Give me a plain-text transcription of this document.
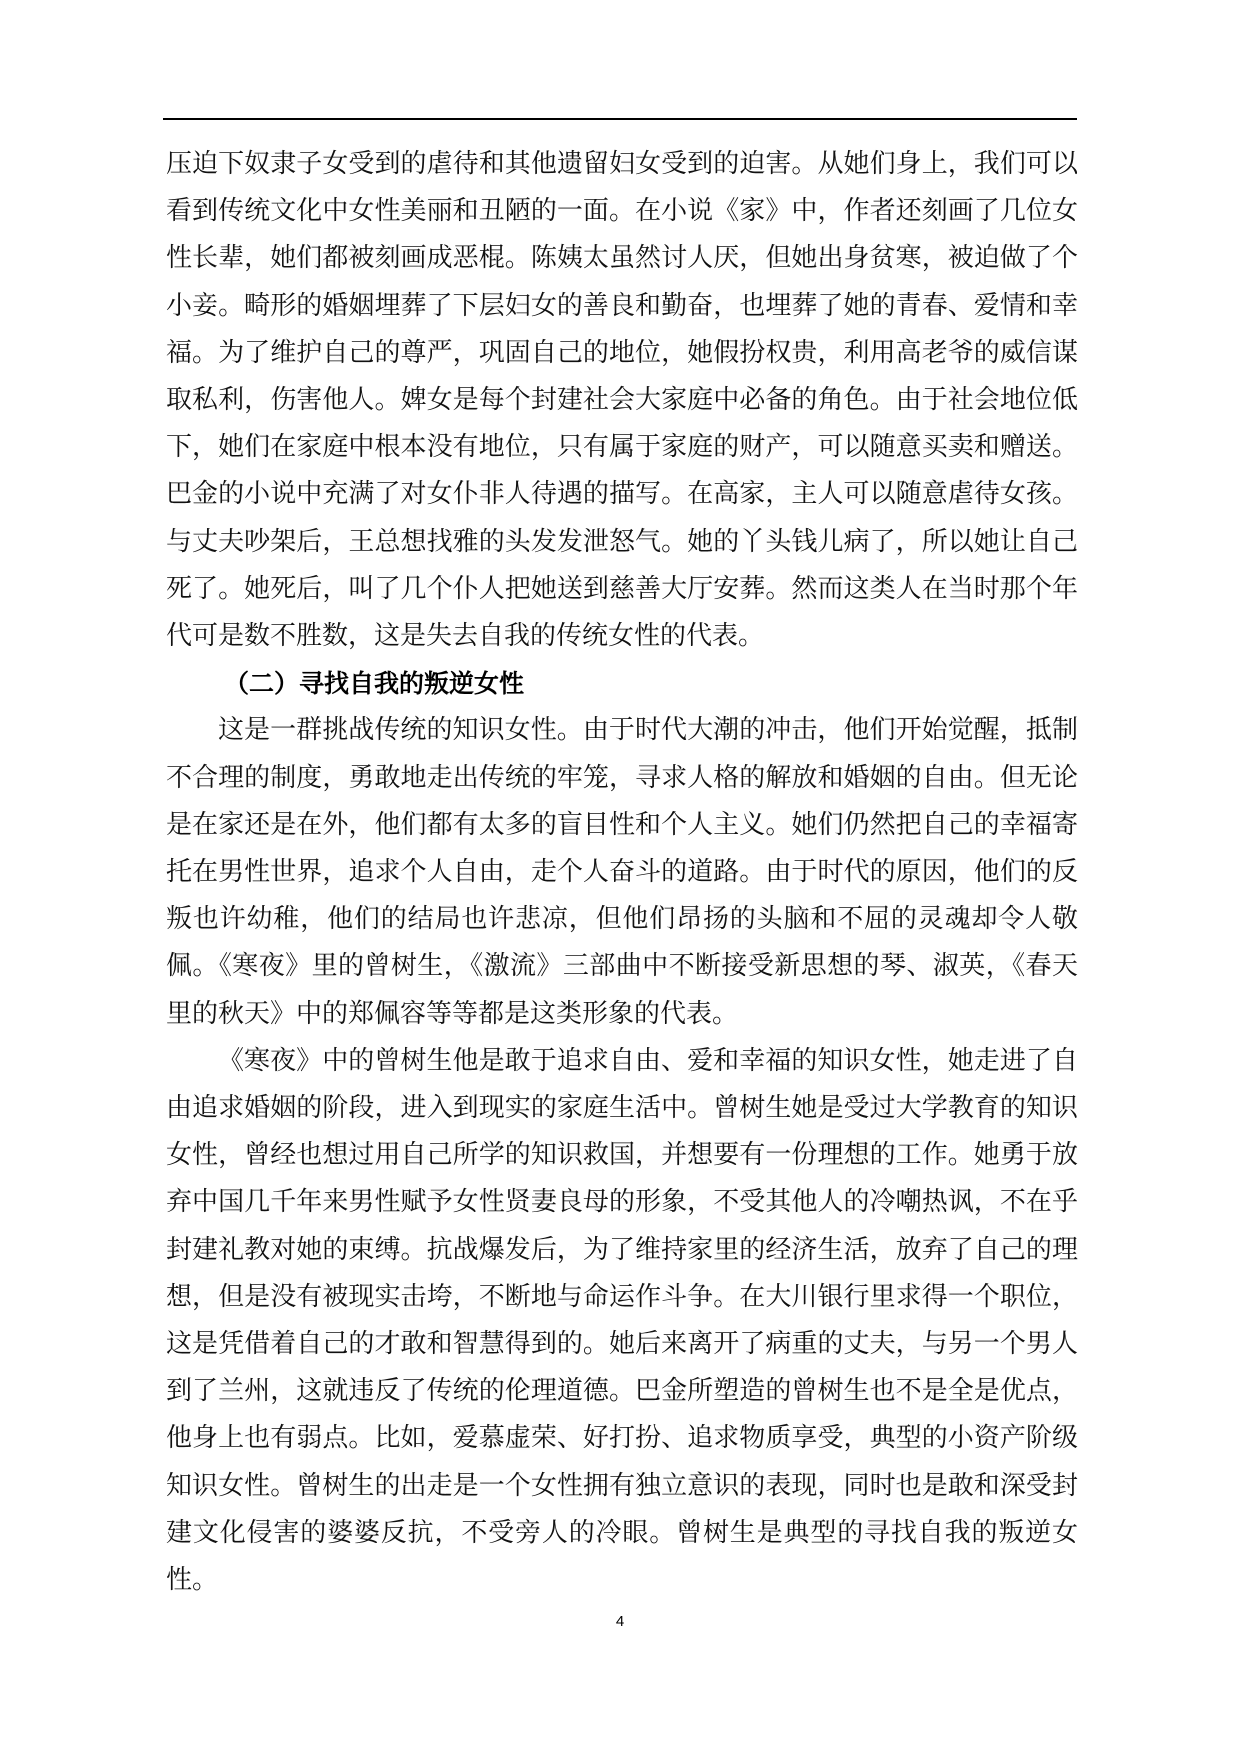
压迫下奴隶子女受到的虐待和其他遗留妇女受到的迫害。从她们身上，我们可以看到传统文化中女性美丽和丑陋的一面。在小说《家》中，作者还刻画了几位女性长辈，她们都被刻画成恶棍。陈姨太虽然讨人厌，但她出身贫寒，被迫做了个小妾。畸形的婚姻埋葬了下层妇女的善良和勤奋，也埋葬了她的青春、爱情和幸福。为了维护自己的尊严，巩固自己的地位，她假扮权贵，利用高老爷的威信谋取私利，伤害他人。婢女是每个封建社会大家庭中必备的角色。由于社会地位低下，她们在家庭中根本没有地位，只有属于家庭的财产，可以随意买卖和赠送。巴金的小说中充满了对女仆非人待遇的描写。在高家，主人可以随意虐待女孩。与丈夫吵架后，王总想找雅的头发发泄怒气。她的丫头钱儿病了，所以她让自己死了。她死后，叫了几个仆人把她送到慈善大厅安葬。然而这类人在当时那个年代可是数不胜数，这是失去自我的传统女性的代表。

（二）寻找自我的叛逆女性

这是一群挑战传统的知识女性。由于时代大潮的冲击，他们开始觉醒，抵制不合理的制度，勇敢地走出传统的牢笼，寻求人格的解放和婚姻的自由。但无论是在家还是在外，他们都有太多的盲目性和个人主义。她们仍然把自己的幸福寄托在男性世界，追求个人自由，走个人奋斗的道路。由于时代的原因，他们的反叛也许幼稚，他们的结局也许悲凉，但他们昂扬的头脑和不屈的灵魂却令人敬佩。《寒夜》里的曾树生，《激流》三部曲中不断接受新思想的琴、淑英，《春天里的秋天》中的郑佩容等等都是这类形象的代表。

《寒夜》中的曾树生他是敢于追求自由、爱和幸福的知识女性，她走进了自由追求婚姻的阶段，进入到现实的家庭生活中。曾树生她是受过大学教育的知识女性，曾经也想过用自己所学的知识救国，并想要有一份理想的工作。她勇于放弃中国几千年来男性赋予女性贤妻良母的形象，不受其他人的冷嘲热讽，不在乎封建礼教对她的束缚。抗战爆发后，为了维持家里的经济生活，放弃了自己的理想，但是没有被现实击垮，不断地与命运作斗争。在大川银行里求得一个职位，这是凭借着自己的才敢和智慧得到的。她后来离开了病重的丈夫，与另一个男人到了兰州，这就违反了传统的伦理道德。巴金所塑造的曾树生也不是全是优点，他身上也有弱点。比如，爱慕虚荣、好打扮、追求物质享受，典型的小资产阶级知识女性。曾树生的出走是一个女性拥有独立意识的表现，同时也是敢和深受封建文化侵害的婆婆反抗，不受旁人的冷眼。曾树生是典型的寻找自我的叛逆女性。

4
